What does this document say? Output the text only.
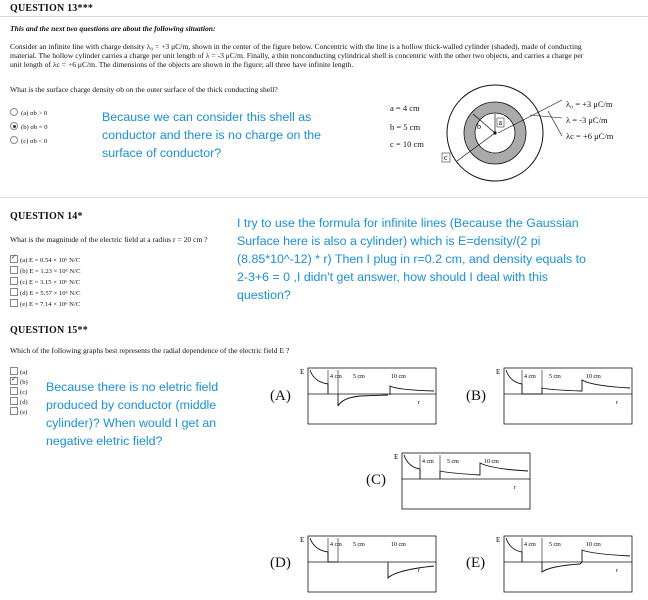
QUESTION 13***
This and the next two questions are about the following situation:
Consider an infinite line with charge density λ₀ = +3 μC/m, shown in the center of the figure below. Concentric with the line is a hollow thick-walled cylinder (shaded), made of conducting
material. The hollow cylinder carries a charge per unit length of λ = -3 μC/m. Finally, a thin nonconducting cylindrical shell is concentric with the other two objects, and carries a charge per
unit length of λc = +6 μC/m. The dimensions of the objects are shown in the figure; all three have infinite length.
What is the surface charge density σb on the outer surface of the thick conducting shell?
(a) σb > 0
(b) σb = 0
(c) σb < 0
Because we can consider this shell as conductor and there is no charge on the surface of conductor?
a = 4 cm
b = 5 cm
c = 10 cm
a
b
c
λ₀ = +3 μC/m
λ = -3 μC/m
λc = +6 μC/m
QUESTION 14*
What is the magnitude of the electric field at a radius r = 20 cm ?
✓(a) E = 0.54 × 10⁶ N/C
(b) E = 1.23 × 10⁶ N/C
(c) E = 3.15 × 10⁶ N/C
(d) E = 5.57 × 10⁶ N/C
(e) E = 7.14 × 10⁶ N/C
I try to use the formula for infinite lines (Because the Gaussian Surface here is also a cylinder) which is E=density/(2 pi (8.85*10^-12) * r) Then I plug in r=0.2 cm, and density equals to 2-3+6 = 0 ,I didn't get answer, how should I deal with this question?
QUESTION 15**
Which of the following graphs best represents the radial dependence of the electric field E ?
(a)
✓(b)
(c)
(d)
(e)
Because there is no eletric field produced by conductor (middle cylinder)? When would I get an negative eletric field?
(A)	(B)
(C)
(D)	(E)
E
r
4 cm 5 cm	10 cm
E
r
4 cm 5 cm	10 cm
E
r
4 cm 5 cm	10 cm
E
r
4 cm 5 cm	10 cm
E
r
4 cm 5 cm	10 cm
